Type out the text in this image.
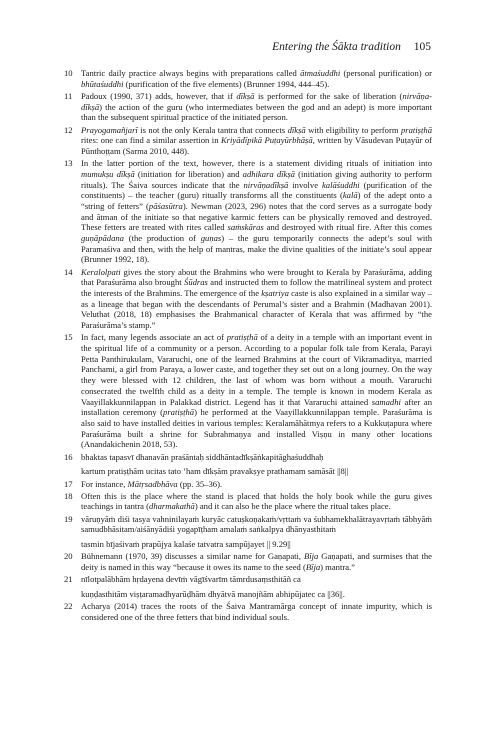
Entering the Śākta tradition 105
10 Tantric daily practice always begins with preparations called ātmaśuddhi (personal purification) or bhūtaśuddhi (purification of the five elements) (Brunner 1994, 444–45).
11 Padoux (1990, 371) adds, however, that if dīkṣā is performed for the sake of liberation (nirvāṇa-dīkṣā) the action of the guru (who intermediates between the god and an adept) is more important than the subsequent spiritual practice of the initiated person.
12 Prayogamañjarī is not the only Kerala tantra that connects dīkṣā with eligibility to perform pratiṣṭhā rites: one can find a similar assertion in Kriyādīpikā Puṭayūrbhāṣā, written by Vāsudevan Puṭayūr of Pūnthoṭṭam (Sarma 2010, 448).
13 In the latter portion of the text, however, there is a statement dividing rituals of initiation into mumukṣu dīkṣā (initiation for liberation) and adhikara dīkṣā (initiation giving authority to perform rituals). The Śaiva sources indicate that the nirvāṇadīkṣā involve kalāśuddhi (purification of the constituents) – the teacher (guru) ritually transforms all the constituents (kalā) of the adept onto a “string of fetters” (pāśasūtra). Newman (2023, 296) notes that the cord serves as a surrogate body and ātman of the initiate so that negative karmic fetters can be physically removed and destroyed. These fetters are treated with rites called saṁskāras and destroyed with ritual fire. After this comes guṇāpādana (the production of guṇas) – the guru temporarily connects the adept’s soul with Paramaśiva and then, with the help of mantras, make the divine qualities of the initiate’s soul appear (Brunner 1992, 18).
14 Keralolpati gives the story about the Brahmins who were brought to Kerala by Paraśurāma, adding that Paraśurāma also brought Śūdras and instructed them to follow the matrilineal system and protect the interests of the Brahmins. The emergence of the kṣatriya caste is also explained in a similar way – as a lineage that began with the descendants of Perumal’s sister and a Brahmin (Madhavan 2001). Veluthat (2018, 18) emphasises the Brahmanical character of Kerala that was affirmed by “the Paraśurāma’s stamp.”
15 In fact, many legends associate an act of pratiṣṭhā of a deity in a temple with an important event in the spiritual life of a community or a person. According to a popular folk tale from Kerala, Parayi Petta Panthirukulam, Vararuchi, one of the learned Brahmins at the court of Vikramaditya, married Panchami, a girl from Paraya, a lower caste, and together they set out on a long journey. On the way they were blessed with 12 children, the last of whom was born without a mouth. Vararuchi consecrated the twelfth child as a deity in a temple. The temple is known in modern Kerala as Vaayillakkunnilappan in Palakkad district. Legend has it that Vararuchi attained samadhi after an installation ceremony (pratiṣṭhā) he performed at the Vaayillakkunnilappan temple. Paraśurāma is also said to have installed deities in various temples: Keralamāhātmya refers to a Kukkuṭapura where Paraśurāma built a shrine for Subrahmaṇya and installed Viṣṇu in many other locations (Anandakichenin 2018, 53).
16 bhaktas tapasvī dhanavān praśāntaḥ siddhāntadīkṣāṅkapitāghaśuddhaḥ
kartum pratiṣṭhām ucitas tato ’ham dīkṣām pravakṣye prathamam samāsāt ||8||
17 For instance, Mātṛsadbhāva (pp. 35–36).
18 Often this is the place where the stand is placed that holds the holy book while the guru gives teachings in tantra (dharmakathā) and it can also be the place where the ritual takes place.
19 vāruṇyāṁ diśi tasya vahninilayaṁ kuryāc catuṣkoṇakaṁ/vṛttaṁ va śubhamekhalātrayavṛtaṁ tābhyāṁ samudbhāsitam/aiśānyādiśi yogapīṭham amalaṁ saṅkalpya dhānyasthitaṁ
tasmin bījaśivaṁ prapūjya kalaśe tatvatra sampūjayet || 9.29||
20 Bühnemann (1970, 39) discusses a similar name for Gaṇapati, Bīja Gaṇapati, and surmises that the deity is named in this way “because it owes its name to the seed (Bīja) mantra.”
21 nīlotpalābhām hṛdayena devīṁ vāgīśvarīm tāmrdusaṃsthitāñ ca
kuṇḍasthitām viṣṭaramadhyarūḍhām dhyātvā manojñām abhipūjatec ca ||36||.
22 Acharya (2014) traces the roots of the Śaiva Mantramārga concept of innate impurity, which is considered one of the three fetters that bind individual souls.
